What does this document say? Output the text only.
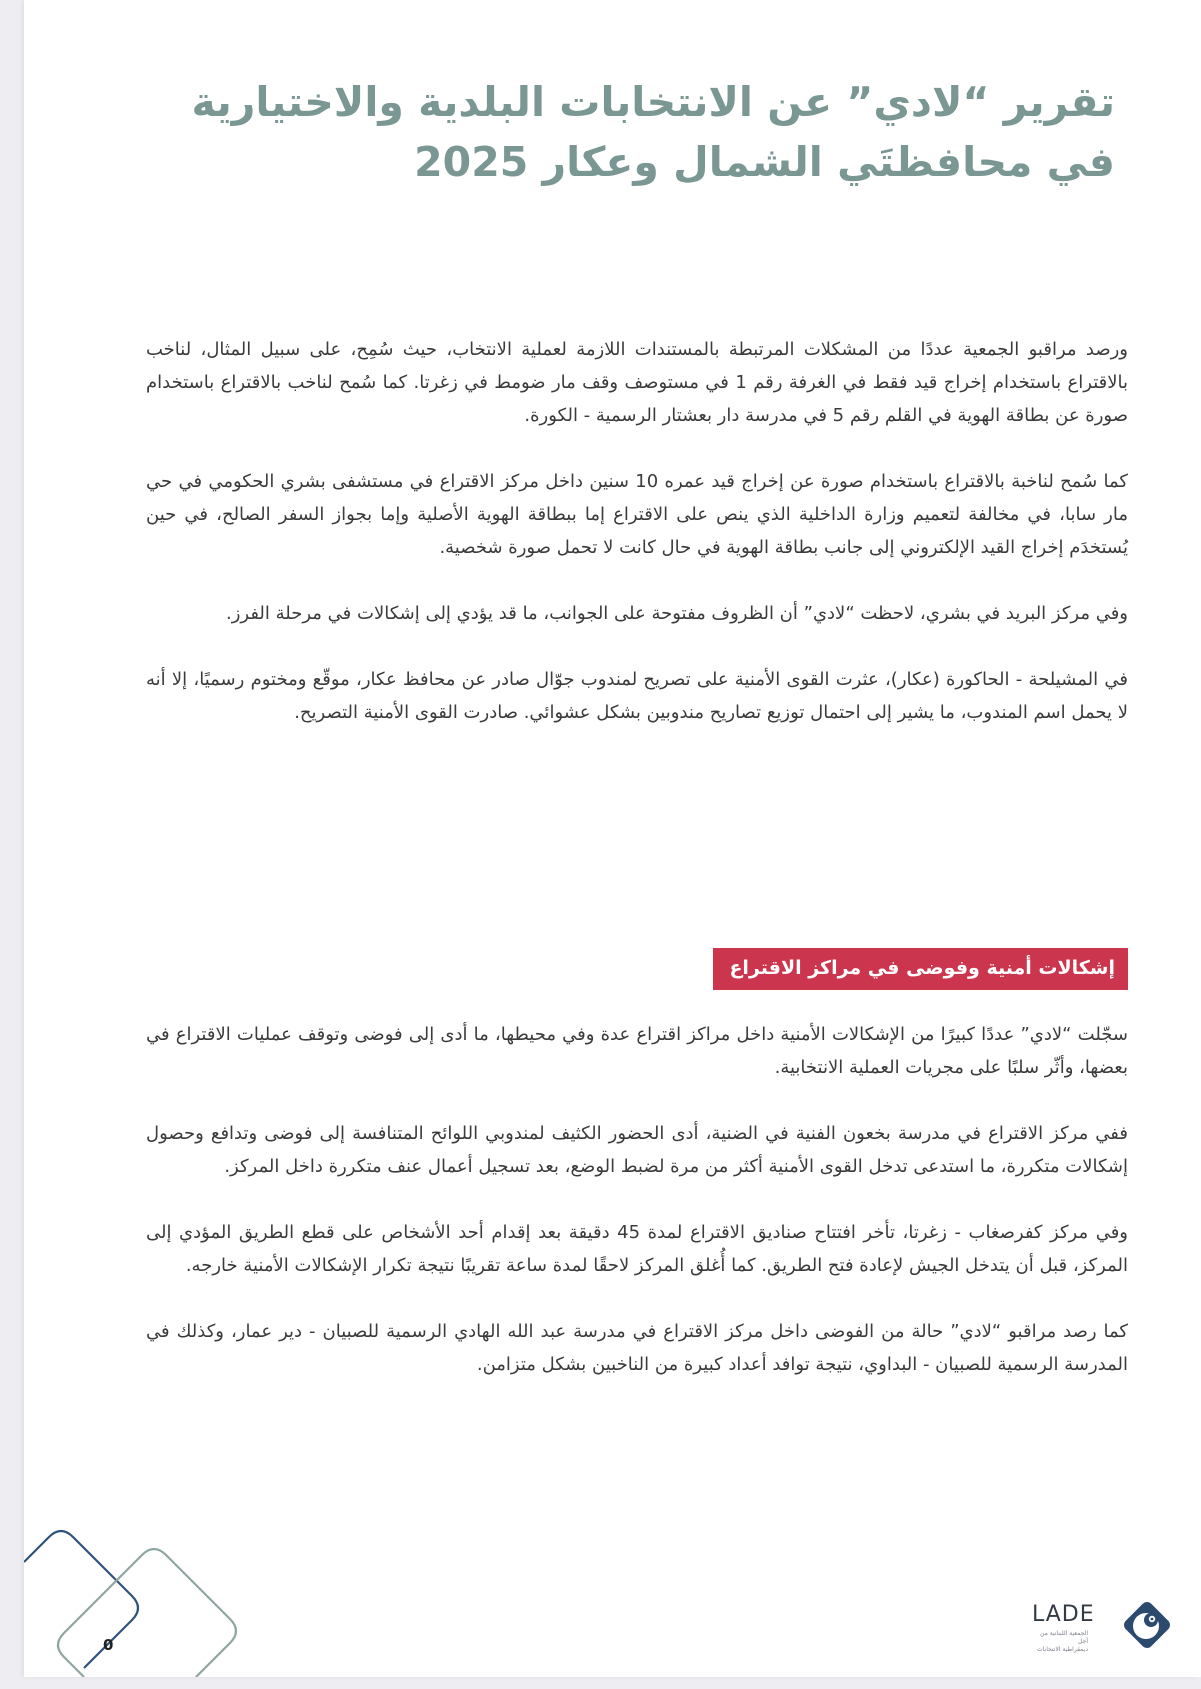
تقرير “لادي” عن الانتخابات البلدية والاختيارية
في محافظتَي الشمال وعكار 2025

ورصد مراقبو الجمعية عددًا من المشكلات المرتبطة بالمستندات اللازمة لعملية الانتخاب، حيث سُمِح، على سبيل المثال، لناخب بالاقتراع باستخدام إخراج قيد فقط في الغرفة رقم 1 في مستوصف وقف مار ضومط في زغرتا. كما سُمح لناخب بالاقتراع باستخدام صورة عن بطاقة الهوية في القلم رقم 5 في مدرسة دار بعشتار الرسمية - الكورة.

كما سُمح لناخبة بالاقتراع باستخدام صورة عن إخراج قيد عمره 10 سنين داخل مركز الاقتراع في مستشفى بشري الحكومي في حي مار سابا، في مخالفة لتعميم وزارة الداخلية الذي ينص على الاقتراع إما ببطاقة الهوية الأصلية وإما بجواز السفر الصالح، في حين يُستخدَم إخراج القيد الإلكتروني إلى جانب بطاقة الهوية في حال كانت لا تحمل صورة شخصية.

وفي مركز البريد في بشري، لاحظت “لادي” أن الظروف مفتوحة على الجوانب، ما قد يؤدي إلى إشكالات في مرحلة الفرز.

في المشيلحة - الحاكورة (عكار)، عثرت القوى الأمنية على تصريح لمندوب جوّال صادر عن محافظ عكار، موقّع ومختوم رسميًا، إلا أنه لا يحمل اسم المندوب، ما يشير إلى احتمال توزيع تصاريح مندوبين بشكل عشوائي. صادرت القوى الأمنية التصريح.

إشكالات أمنية وفوضى في مراكز الاقتراع

سجّلت “لادي” عددًا كبيرًا من الإشكالات الأمنية داخل مراكز اقتراع عدة وفي محيطها، ما أدى إلى فوضى وتوقف عمليات الاقتراع في بعضها، وأثّر سلبًا على مجريات العملية الانتخابية.

ففي مركز الاقتراع في مدرسة بخعون الفنية في الضنية، أدى الحضور الكثيف لمندوبي اللوائح المتنافسة إلى فوضى وتدافع وحصول إشكالات متكررة، ما استدعى تدخل القوى الأمنية أكثر من مرة لضبط الوضع، بعد تسجيل أعمال عنف متكررة داخل المركز.

وفي مركز كفرصغاب - زغرتا، تأخر افتتاح صناديق الاقتراع لمدة 45 دقيقة بعد إقدام أحد الأشخاص على قطع الطريق المؤدي إلى المركز، قبل أن يتدخل الجيش لإعادة فتح الطريق. كما أُغلق المركز لاحقًا لمدة ساعة تقريبًا نتيجة تكرار الإشكالات الأمنية خارجه.

كما رصد مراقبو “لادي” حالة من الفوضى داخل مركز الاقتراع في مدرسة عبد الله الهادي الرسمية للصبيان - دير عمار، وكذلك في المدرسة الرسمية للصبيان - البداوي، نتيجة توافد أعداد كبيرة من الناخبين بشكل متزامن.

0
LADE
الجمعية اللبنانية من أجل
ديمقراطية الانتخابات
